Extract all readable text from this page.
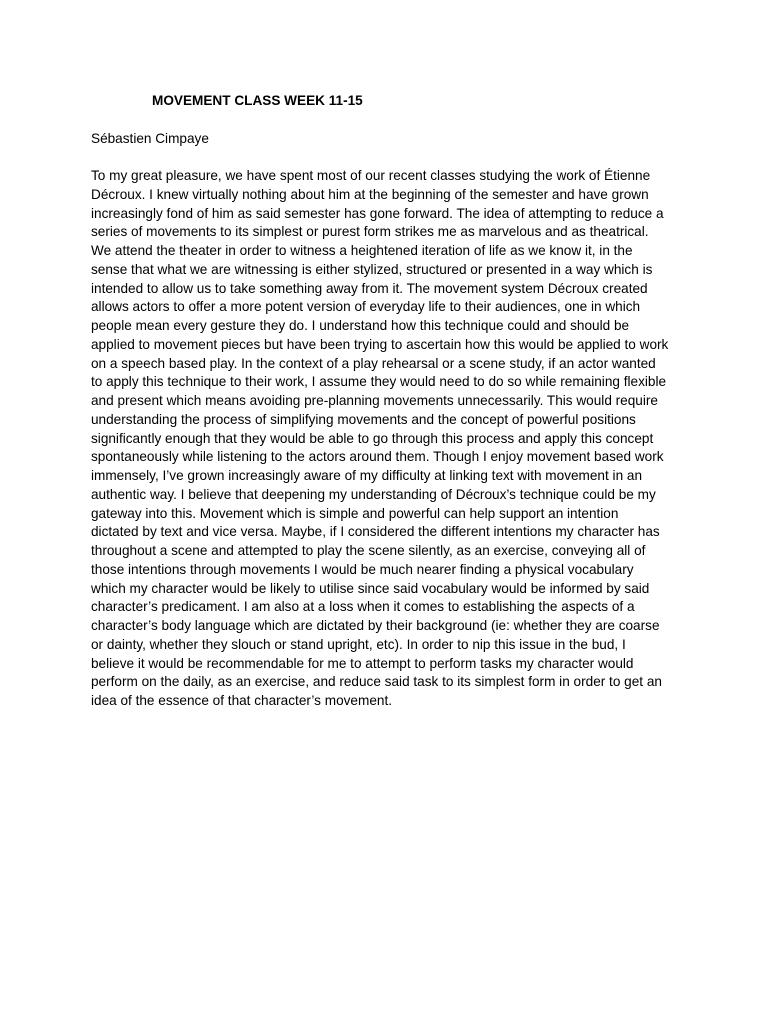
MOVEMENT CLASS WEEK 11-15
Sébastien Cimpaye
To my great pleasure, we have spent most of our recent classes studying the work of Étienne
Décroux. I knew virtually nothing about him at the beginning of the semester and have grown
increasingly fond of him as said semester has gone forward. The idea of attempting to reduce a
series of movements to its simplest or purest form strikes me as marvelous and as theatrical.
We attend the theater in order to witness a heightened iteration of life as we know it, in the
sense that what we are witnessing is either stylized, structured or presented in a way which is
intended to allow us to take something away from it. The movement system Décroux created
allows actors to offer a more potent version of everyday life to their audiences, one in which
people mean every gesture they do. I understand how this technique could and should be
applied to movement pieces but have been trying to ascertain how this would be applied to work
on a speech based play. In the context of a play rehearsal or a scene study, if an actor wanted
to apply this technique to their work, I assume they would need to do so while remaining flexible
and present which means avoiding pre-planning movements unnecessarily. This would require
understanding the process of simplifying movements and the concept of powerful positions
significantly enough that they would be able to go through this process and apply this concept
spontaneously while listening to the actors around them. Though I enjoy movement based work
immensely, I’ve grown increasingly aware of my difficulty at linking text with movement in an
authentic way. I believe that deepening my understanding of Décroux’s technique could be my
gateway into this. Movement which is simple and powerful can help support an intention
dictated by text and vice versa. Maybe, if I considered the different intentions my character has
throughout a scene and attempted to play the scene silently, as an exercise, conveying all of
those intentions through movements I would be much nearer finding a physical vocabulary
which my character would be likely to utilise since said vocabulary would be informed by said
character’s predicament. I am also at a loss when it comes to establishing the aspects of a
character’s body language which are dictated by their background (ie: whether they are coarse
or dainty, whether they slouch or stand upright, etc). In order to nip this issue in the bud, I
believe it would be recommendable for me to attempt to perform tasks my character would
perform on the daily, as an exercise, and reduce said task to its simplest form in order to get an
idea of the essence of that character’s movement.
